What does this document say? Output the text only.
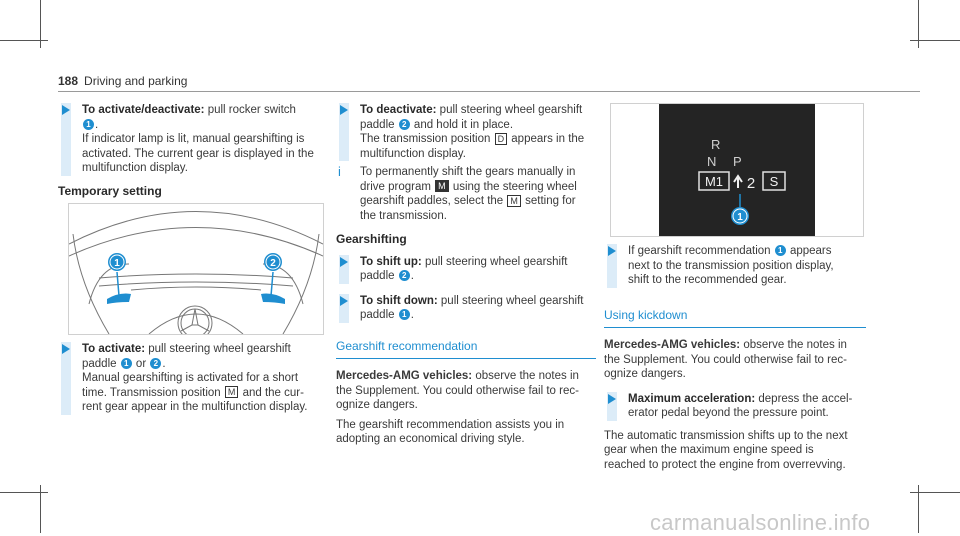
188 Driving and parking

To activate/deactivate: pull rocker switch

1 .

If indicator lamp is lit, manual gearshifting is

activated. The current gear is displayed in the

multifunction display.

Temporary setting

1	2

To activate: pull steering wheel gearshift

paddle 1 or 2 .

Manual gearshifting is activated for a short

time. Transmission position M and the cur-

rent gear appear in the multifunction display.

To deactivate: pull steering wheel gearshift

paddle 2 and hold it in place.

The transmission position D appears in the

multifunction display.

i To permanently shift the gears manually in

drive program M using the steering wheel

gearshift paddles, select the M setting for

the transmission.

Gearshifting

To shift up: pull steering wheel gearshift

paddle 2 .

To shift down: pull steering wheel gearshift

paddle 1 .

Gearshift recommendation

Mercedes-AMG vehicles: observe the notes in

the Supplement. You could otherwise fail to rec-

ognize dangers.

The gearshift recommendation assists you in

adopting an economical driving style.

R
N P
M1 2 S
1

If gearshift recommendation 1 appears

next to the transmission position display,

shift to the recommended gear.

Using kickdown

Mercedes-AMG vehicles: observe the notes in

the Supplement. You could otherwise fail to rec-

ognize dangers.

Maximum acceleration: depress the accel-

erator pedal beyond the pressure point.

The automatic transmission shifts up to the next

gear when the maximum engine speed is

reached to protect the engine from overrevving.

carmanualsonline.info
